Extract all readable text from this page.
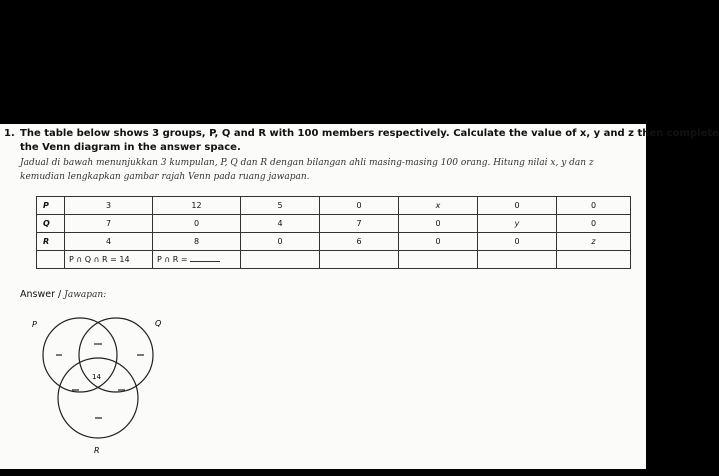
1. The table below shows 3 groups, P, Q and R with 100 members respectively. Calculate the value of x, y and z then complete
the Venn diagram in the answer space.
Jadual di bawah menunjukkan 3 kumpulan, P, Q dan R dengan bilangan ahli masing-masing 100 orang. Hitung nilai x, y dan z
kemudian lengkapkan gambar rajah Venn pada ruang jawapan.
P	3	12	5	0	x	0	0
Q	7	0	4	7	0	y	0
R	4	8	0	6	0	0	z
	P ∩ Q ∩ R = 14	P ∩ R =					
Answer / Jawapan:
P	Q
R
14
